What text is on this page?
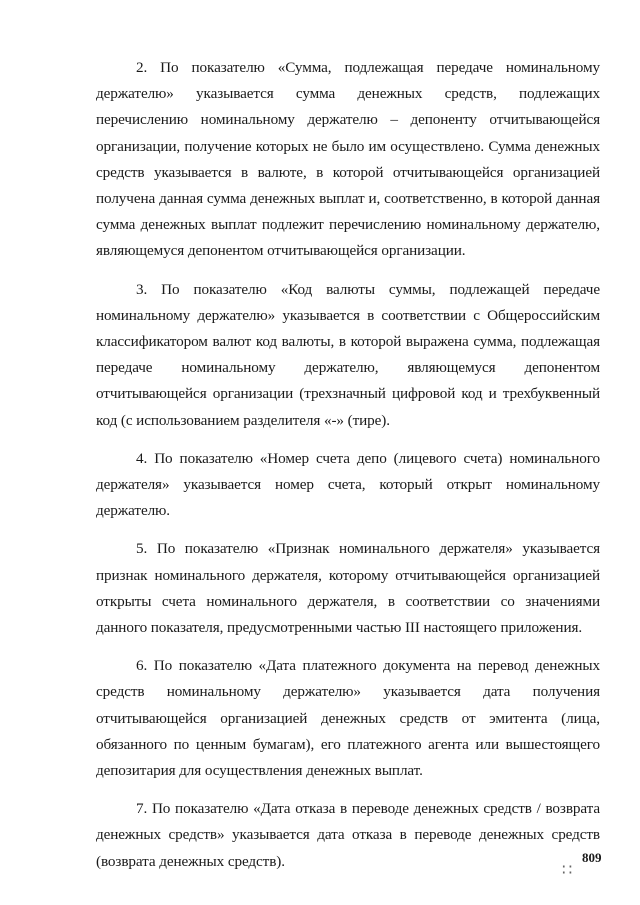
2. По показателю «Сумма, подлежащая передаче номинальному держателю» указывается сумма денежных средств, подлежащих перечислению номинальному держателю – депоненту отчитывающейся организации, получение которых не было им осуществлено. Сумма денежных средств указывается в валюте, в которой отчитывающейся организацией получена данная сумма денежных выплат и, соответственно, в которой данная сумма денежных выплат подлежит перечислению номинальному держателю, являющемуся депонентом отчитывающейся организации.

3. По показателю «Код валюты суммы, подлежащей передаче номинальному держателю» указывается в соответствии с Общероссийским классификатором валют код валюты, в которой выражена сумма, подлежащая передаче номинальному держателю, являющемуся депонентом отчитывающейся организации (трехзначный цифровой код и трехбуквенный код (с использованием разделителя «-» (тире).

4. По показателю «Номер счета депо (лицевого счета) номинального держателя» указывается номер счета, который открыт номинальному держателю.

5. По показателю «Признак номинального держателя» указывается признак номинального держателя, которому отчитывающейся организацией открыты счета номинального держателя, в соответствии со значениями данного показателя, предусмотренными частью III настоящего приложения.

6. По показателю «Дата платежного документа на перевод денежных средств номинальному держателю» указывается дата получения отчитывающейся организацией денежных средств от эмитента (лица, обязанного по ценным бумагам), его платежного агента или вышестоящего депозитария для осуществления денежных выплат.

7. По показателю «Дата отказа в переводе денежных средств / возврата денежных средств» указывается дата отказа в переводе денежных средств (возврата денежных средств).

∷
809
